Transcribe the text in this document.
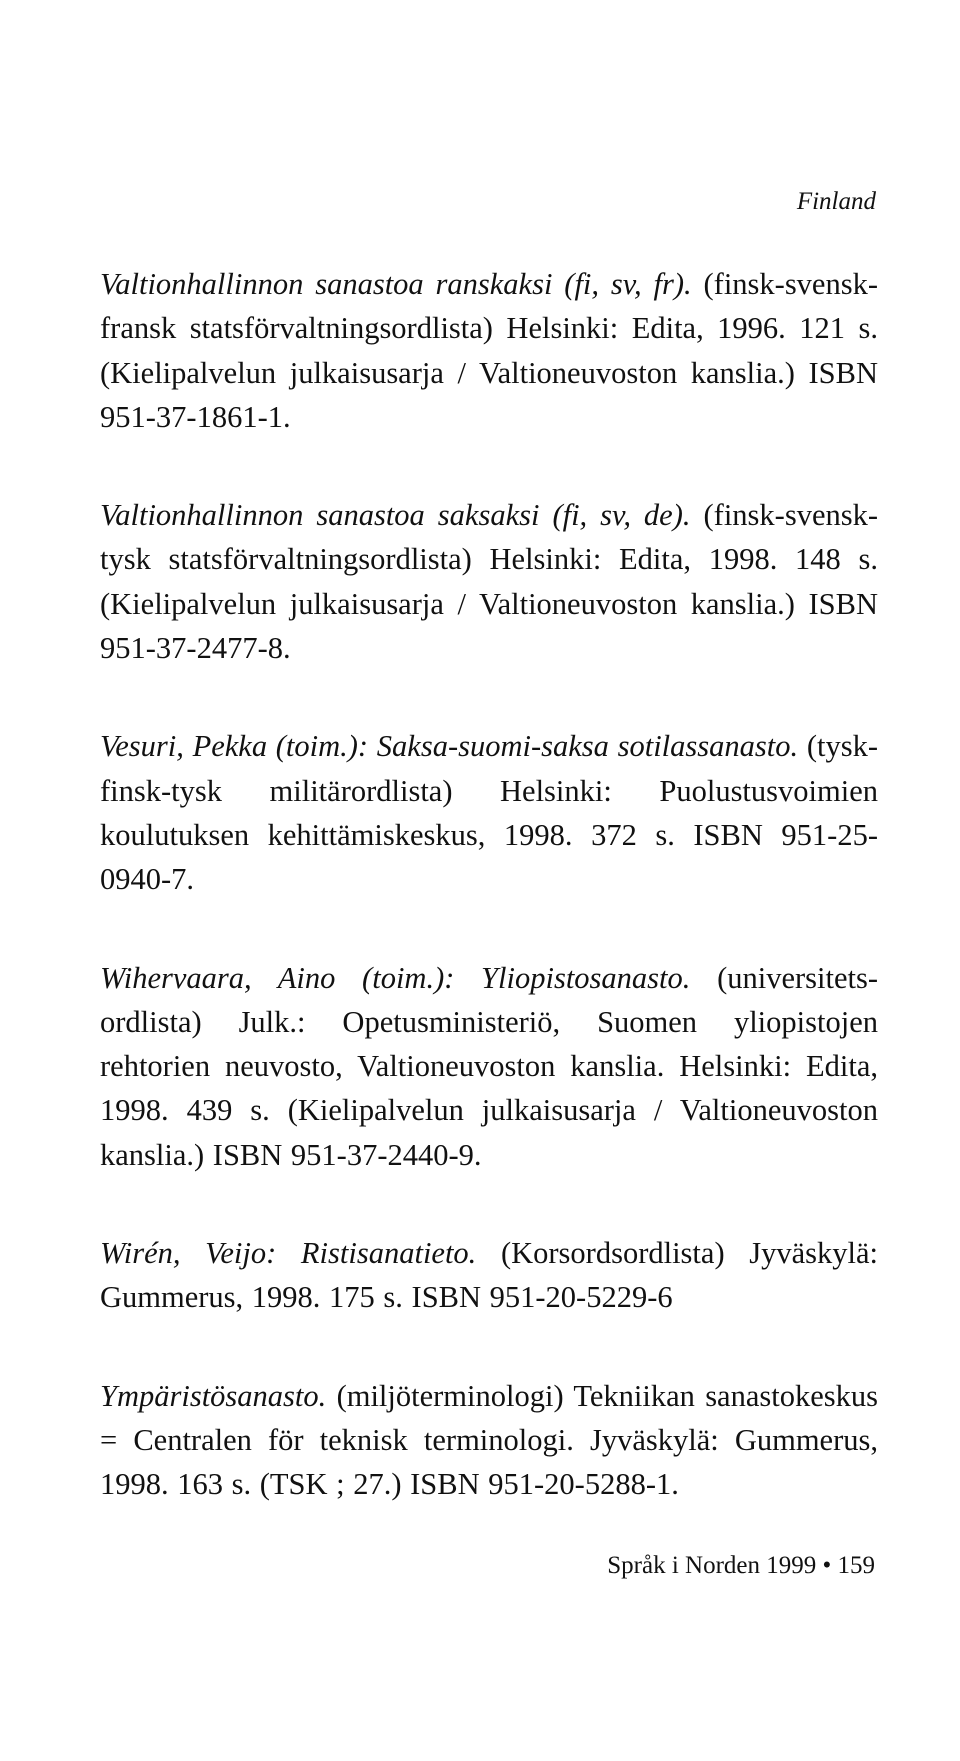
Finland

Valtionhallinnon sanastoa ranskaksi (fi, sv, fr). (finsk-svensk-fransk statsförvaltningsordlista) Helsinki: Edita, 1996. 121 s. (Kielipalvelun julkaisusarja / Valtioneuvoston kanslia.) ISBN 951-37-1861-1.

Valtionhallinnon sanastoa saksaksi (fi, sv, de). (finsk-svensk-tysk statsförvaltningsordlista) Helsinki: Edita, 1998. 148 s. (Kielipalvelun julkaisusarja / Valtioneuvoston kanslia.) ISBN 951-37-2477-8.

Vesuri, Pekka (toim.): Saksa-suomi-saksa sotilassanasto. (tysk-finsk-tysk militärordlista) Helsinki: Puolustusvoimien koulutuksen kehittämiskeskus, 1998. 372 s. ISBN 951-25-0940-7.

Wihervaara, Aino (toim.): Yliopistosanasto. (universitets-ordlista) Julk.: Opetusministeriö, Suomen yliopistojen rehtorien neuvosto, Valtioneuvoston kanslia. Helsinki: Edita, 1998. 439 s. (Kielipalvelun julkaisusarja / Valtioneuvoston kanslia.) ISBN 951-37-2440-9.

Wirén, Veijo: Ristisanatieto. (Korsordsordlista) Jyväskylä: Gummerus, 1998. 175 s. ISBN 951-20-5229-6

Ympäristösanasto. (miljöterminologi) Tekniikan sanastokeskus = Centralen för teknisk terminologi. Jyväskylä: Gummerus, 1998. 163 s. (TSK ; 27.) ISBN 951-20-5288-1.

Språk i Norden 1999 • 159
